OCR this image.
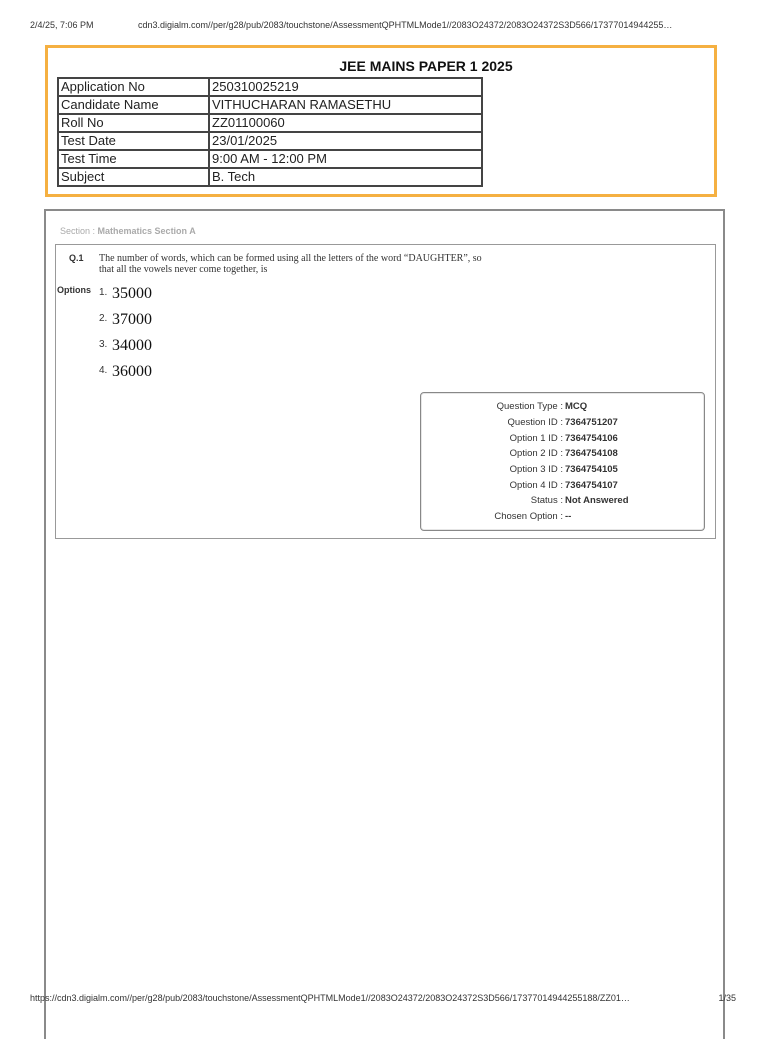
2/4/25, 7:06 PM	cdn3.digialm.com//per/g28/pub/2083/touchstone/AssessmentQPHTMLMode1//2083O24372/2083O24372S3D566/17377014944255…
JEE MAINS PAPER 1 2025
Application No	250310025219
Candidate Name	VITHUCHARAN RAMASETHU
Roll No	ZZ01100060
Test Date	23/01/2025
Test Time	9:00 AM - 12:00 PM
Subject	B. Tech
Section : Mathematics Section A
Q.1 The number of words, which can be formed using all the letters of the word “DAUGHTER”, so
that all the vowels never come together, is
Options 1. 35000
2. 37000
3. 34000
4. 36000
Question Type : MCQ
Question ID : 7364751207
Option 1 ID : 7364754106
Option 2 ID : 7364754108
Option 3 ID : 7364754105
Option 4 ID : 7364754107
Status : Not Answered
Chosen Option : --
https://cdn3.digialm.com//per/g28/pub/2083/touchstone/AssessmentQPHTMLMode1//2083O24372/2083O24372S3D566/17377014944255188/ZZ01…	1/35
